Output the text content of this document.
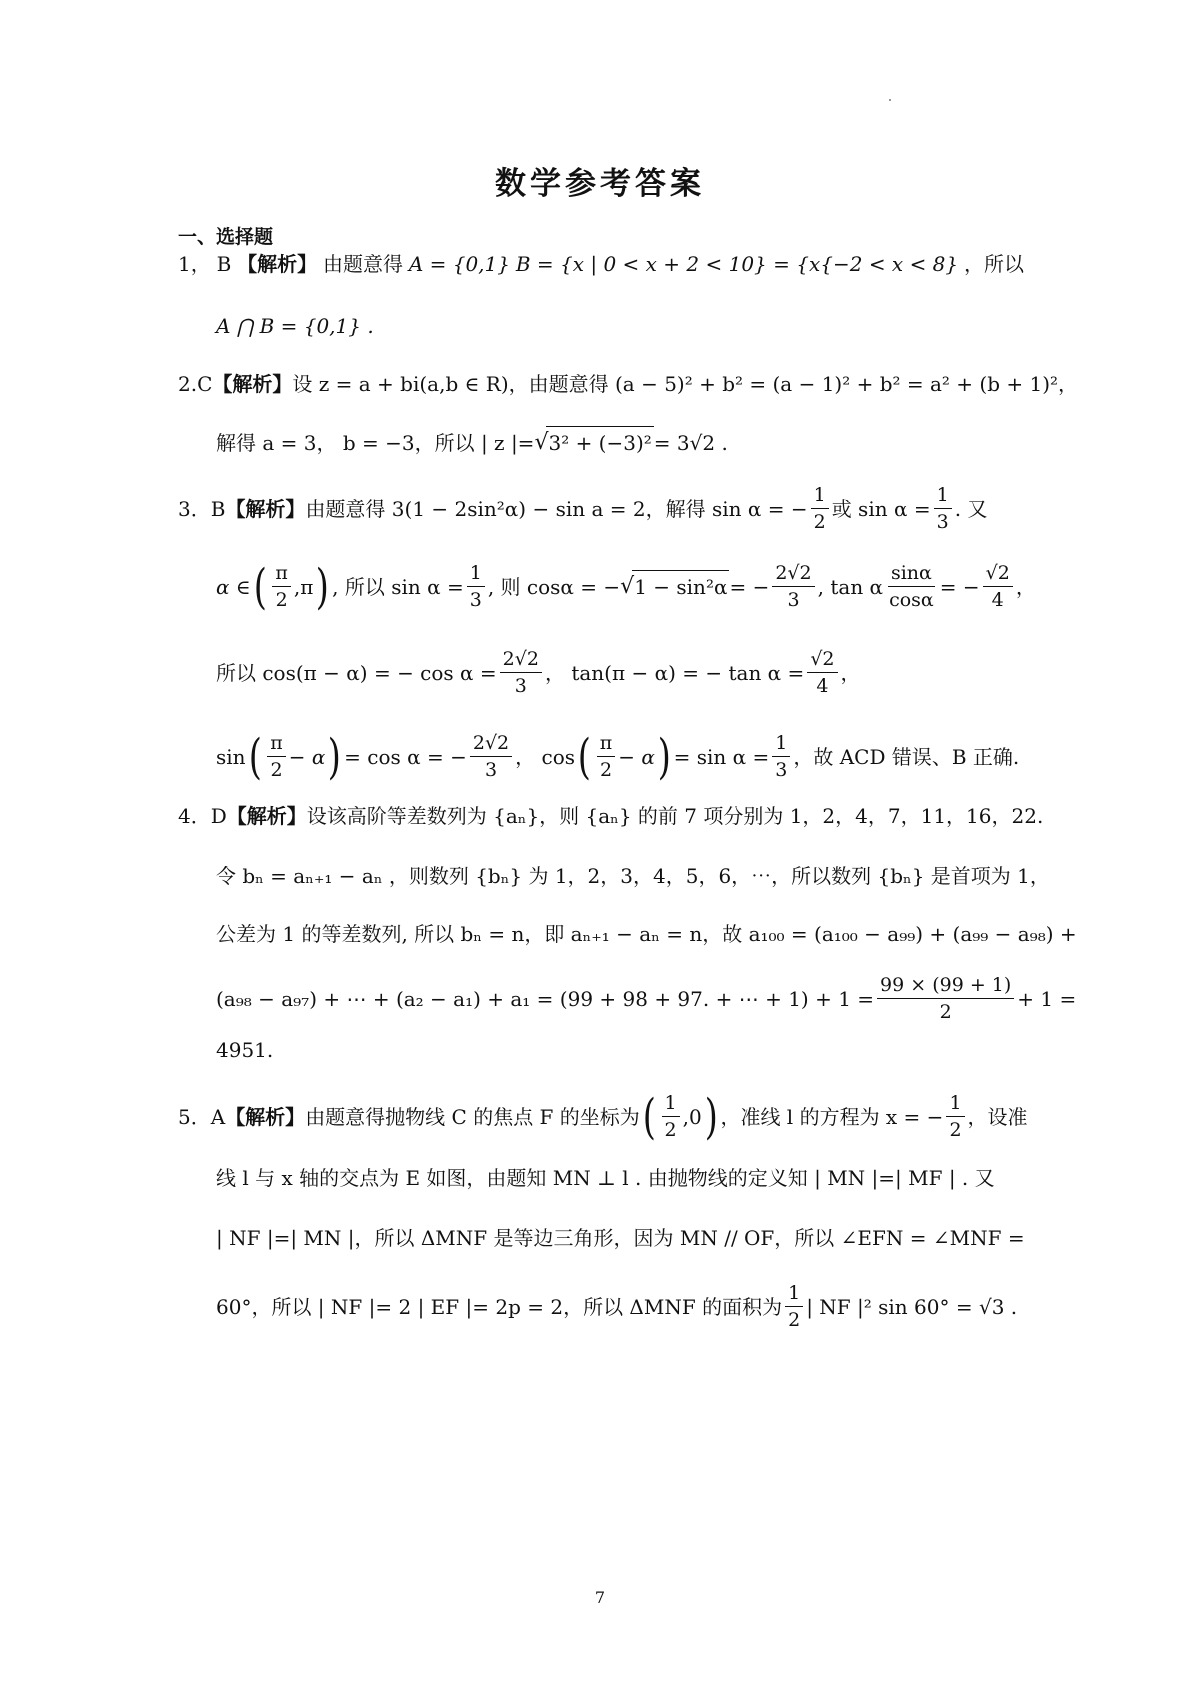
数学参考答案
一、选择题
1， B 【解析】 由题意得 A = {0,1} B = {x | 0 < x + 2 < 10} = {x{−2 < x < 8} ，所以
A ⋂ B = {0,1} .
2. C 【解析】 设 z = a + bi(a,b ∈ R)，由题意得 (a − 5)² + b² = (a − 1)² + b² = a² + (b + 1)²，
解得 a = 3， b = −3，所以 | z |= √ 3² + (−3)² = 3√2 .
3． B 【解析】 由题意得 3(1 − 2sin²α) − sin a = 2，解得 sin α = − $\frac{1}{2}$ 或 $\sin \alpha = \frac{1}{3}$ . 又
α ∈ ( $\frac{\pi}{2} ,\pi$ ) , 所以 $\sin \alpha = \frac{1}{3}$ , 则 cosα = − √ 1 − sin²α = − $\frac{2√2}{3}$ , tan α $\frac{\sin\alpha}{\cos\alpha}$ = − $\frac{√2}{4}$ ，
所以 cos(π − α) = − $\cos \alpha = \frac{2√2}{3}$ ， tan(π − α) = − $\tan \alpha = \frac{√2}{4}$ ，
sin ( $\frac{\pi}{2} - \alpha$ ) = cos α = − $\frac{2√2}{3}$ ， cos ( $\frac{\pi}{2} - \alpha$ ) = $\sin \alpha = \frac{1}{3}$ ，故 ACD 错误、B 正确.
4． D 【解析】 设该高阶等差数列为 {aₙ}，则 {aₙ} 的前 7 项分别为 1，2，4，7，11，16，22.
令 bₙ = aₙ₊₁ − aₙ ，则数列 {bₙ} 为 1，2，3，4，5，6，⋯，所以数列 {bₙ} 是首项为 1，
公差为 1 的等差数列, 所以 bₙ = n，即 aₙ₊₁ − aₙ = n，故 a₁₀₀ = (a₁₀₀ − a₉₉) + (a₉₉ − a₉₈) +
(a₉₈ − a₉₇) + ⋯ + (a₂ − a₁) + a₁ = (99 + 98 + 97. + ⋯ + $1) + 1 = \frac{99 \times (99 + 1)}{2} + 1$ =
4951.
5． A 【解析】 由题意得抛物线 C 的焦点 F 的坐标为 ( $\frac{1}{2} ,0$ ) ，准线 l 的方程为 x = − $\frac{1}{2}$ ，设准
线 l 与 x 轴的交点为 E 如图，由题知 MN ⊥ l . 由抛物线的定义知 | MN |=| MF | . 又
| NF |=| MN |，所以 ΔMNF 是等边三角形，因为 MN // OF，所以 ∠EFN = ∠MNF =
60°，所以 | NF |= 2 | EF |= 2p = 2，所以 ΔMNF 的面积为 $\frac{1}{2}$ | NF |² sin 60° = √3 .
7
